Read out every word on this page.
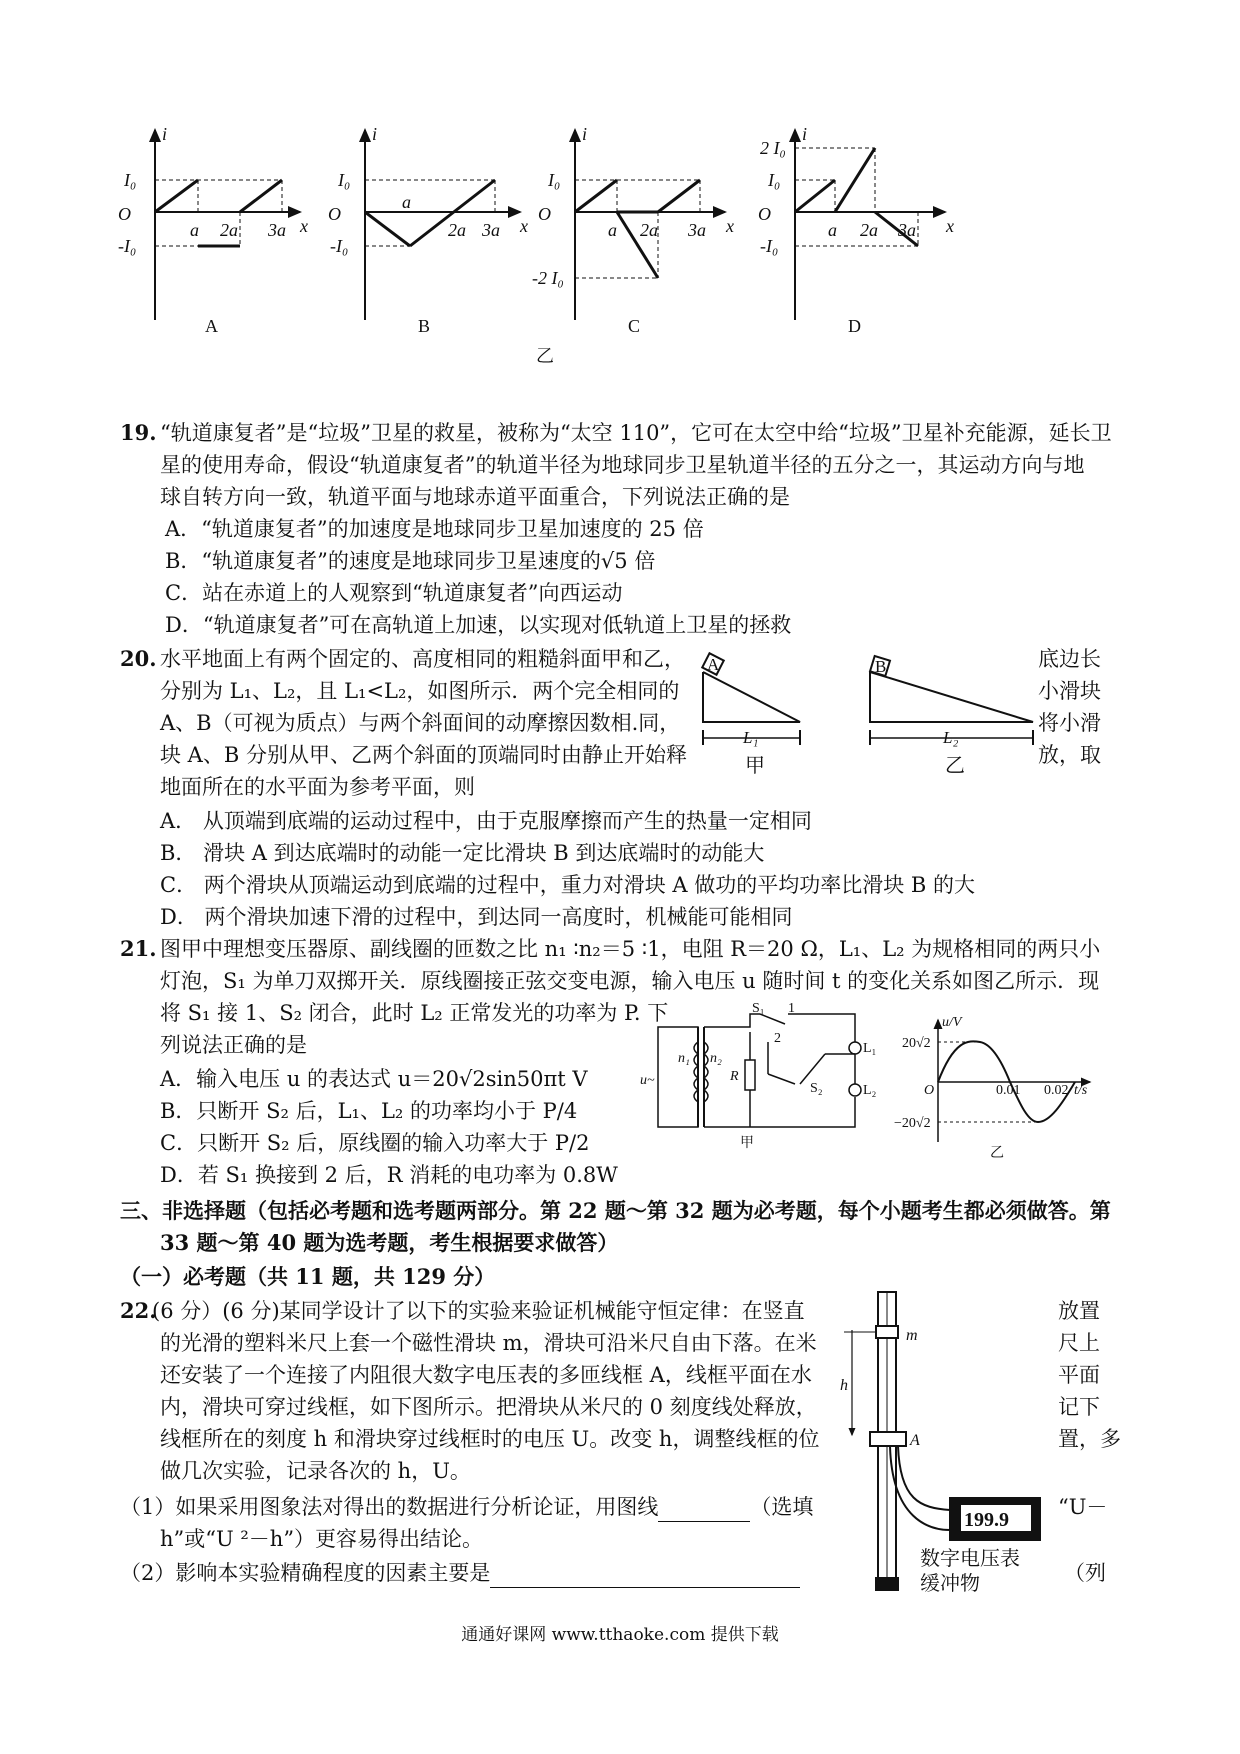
i
x
O
I₀
-I₀
a 2a 3a
A
i
x
O
I₀
-I₀
a
2a 3a
B
i
x
O
I₀
-2 I₀
a 2a 3a
C
i
x
O
2 I₀
I₀
-I₀
a 2a 3a
D
乙
19. “轨道康复者”是“垃圾”卫星的救星，被称为“太空 110”，它可在太空中给“垃圾”卫星补充能源，延长卫
星的使用寿命，假设“轨道康复者”的轨道半径为地球同步卫星轨道半径的五分之一，其运动方向与地
球自转方向一致，轨道平面与地球赤道平面重合，下列说法正确的是
A．“轨道康复者”的加速度是地球同步卫星加速度的 25 倍
B．“轨道康复者”的速度是地球同步卫星速度的√5 倍
C．站在赤道上的人观察到“轨道康复者”向西运动
D．“轨道康复者”可在高轨道上加速，以实现对低轨道上卫星的拯救
20. 水平地面上有两个固定的、高度相同的粗糙斜面甲和乙，
分别为 L₁、L₂，且 L₁<L₂，如图所示．两个完全相同的
A、B（可视为质点）与两个斜面间的动摩擦因数相.同，
块 A、B 分别从甲、乙两个斜面的顶端同时由静止开始释
地面所在的水平面为参考平面，则
底边长
小滑块
将小滑
放，取
A	B
L₁	L₂
甲	乙
A． 从顶端到底端的运动过程中，由于克服摩擦而产生的热量一定相同
B． 滑块 A 到达底端时的动能一定比滑块 B 到达底端时的动能大
C． 两个滑块从顶端运动到底端的过程中，重力对滑块 A 做功的平均功率比滑块 B 的大
D． 两个滑块加速下滑的过程中，到达同一高度时，机械能可能相同
21. 图甲中理想变压器原、副线圈的匝数之比 n₁ ∶n₂＝5 ∶1，电阻 R＝20 Ω，L₁、L₂ 为规格相同的两只小
灯泡，S₁ 为单刀双掷开关．原线圈接正弦交变电源，输入电压 u 随时间 t 的变化关系如图乙所示．现
将 S₁ 接 1、S₂ 闭合，此时 L₂ 正常发光的功率为 P. 下
列说法正确的是
A．输入电压 u 的表达式 u＝20√2sin50πt V
B．只断开 S₂ 后，L₁、L₂ 的功率均小于 P/4
C．只断开 S₂ 后，原线圈的输入功率大于 P/2
D．若 S₁ 换接到 2 后，R 消耗的电功率为 0.8W
n₁ n₂
u~	R
S₁ 1
2
S₂
L₁
L₂
甲
u/V
20√2
−20√2
O	0.01 0.02 t/s
乙
三、非选择题（包括必考题和选考题两部分。第 22 题～第 32 题为必考题，每个小题考生都必须做答。第
33 题～第 40 题为选考题，考生根据要求做答）
（一）必考题（共 11 题，共 129 分）
22.
(6 分）(6 分)某同学设计了以下的实验来验证机械能守恒定律：在竖直
的光滑的塑料米尺上套一个磁性滑块 m，滑块可沿米尺自由下落。在米
还安装了一个连接了内阻很大数字电压表的多匝线框 A，线框平面在水
内，滑块可穿过线框，如下图所示。把滑块从米尺的 0 刻度线处释放，
线框所在的刻度 h 和滑块穿过线框时的电压 U。改变 h，调整线框的位
做几次实验，记录各次的 h，U。
放置
尺上
平面
记下
置，多
（1）如果采用图象法对得出的数据进行分析论证，用图线	（选填	“U－
h”或“U ²－h”）更容易得出结论。
（2）影响本实验精确程度的因素主要是	（列
m
h
A
199.9
数字电压表
缓冲物
通通好课网 www.tthaoke.com 提供下载
